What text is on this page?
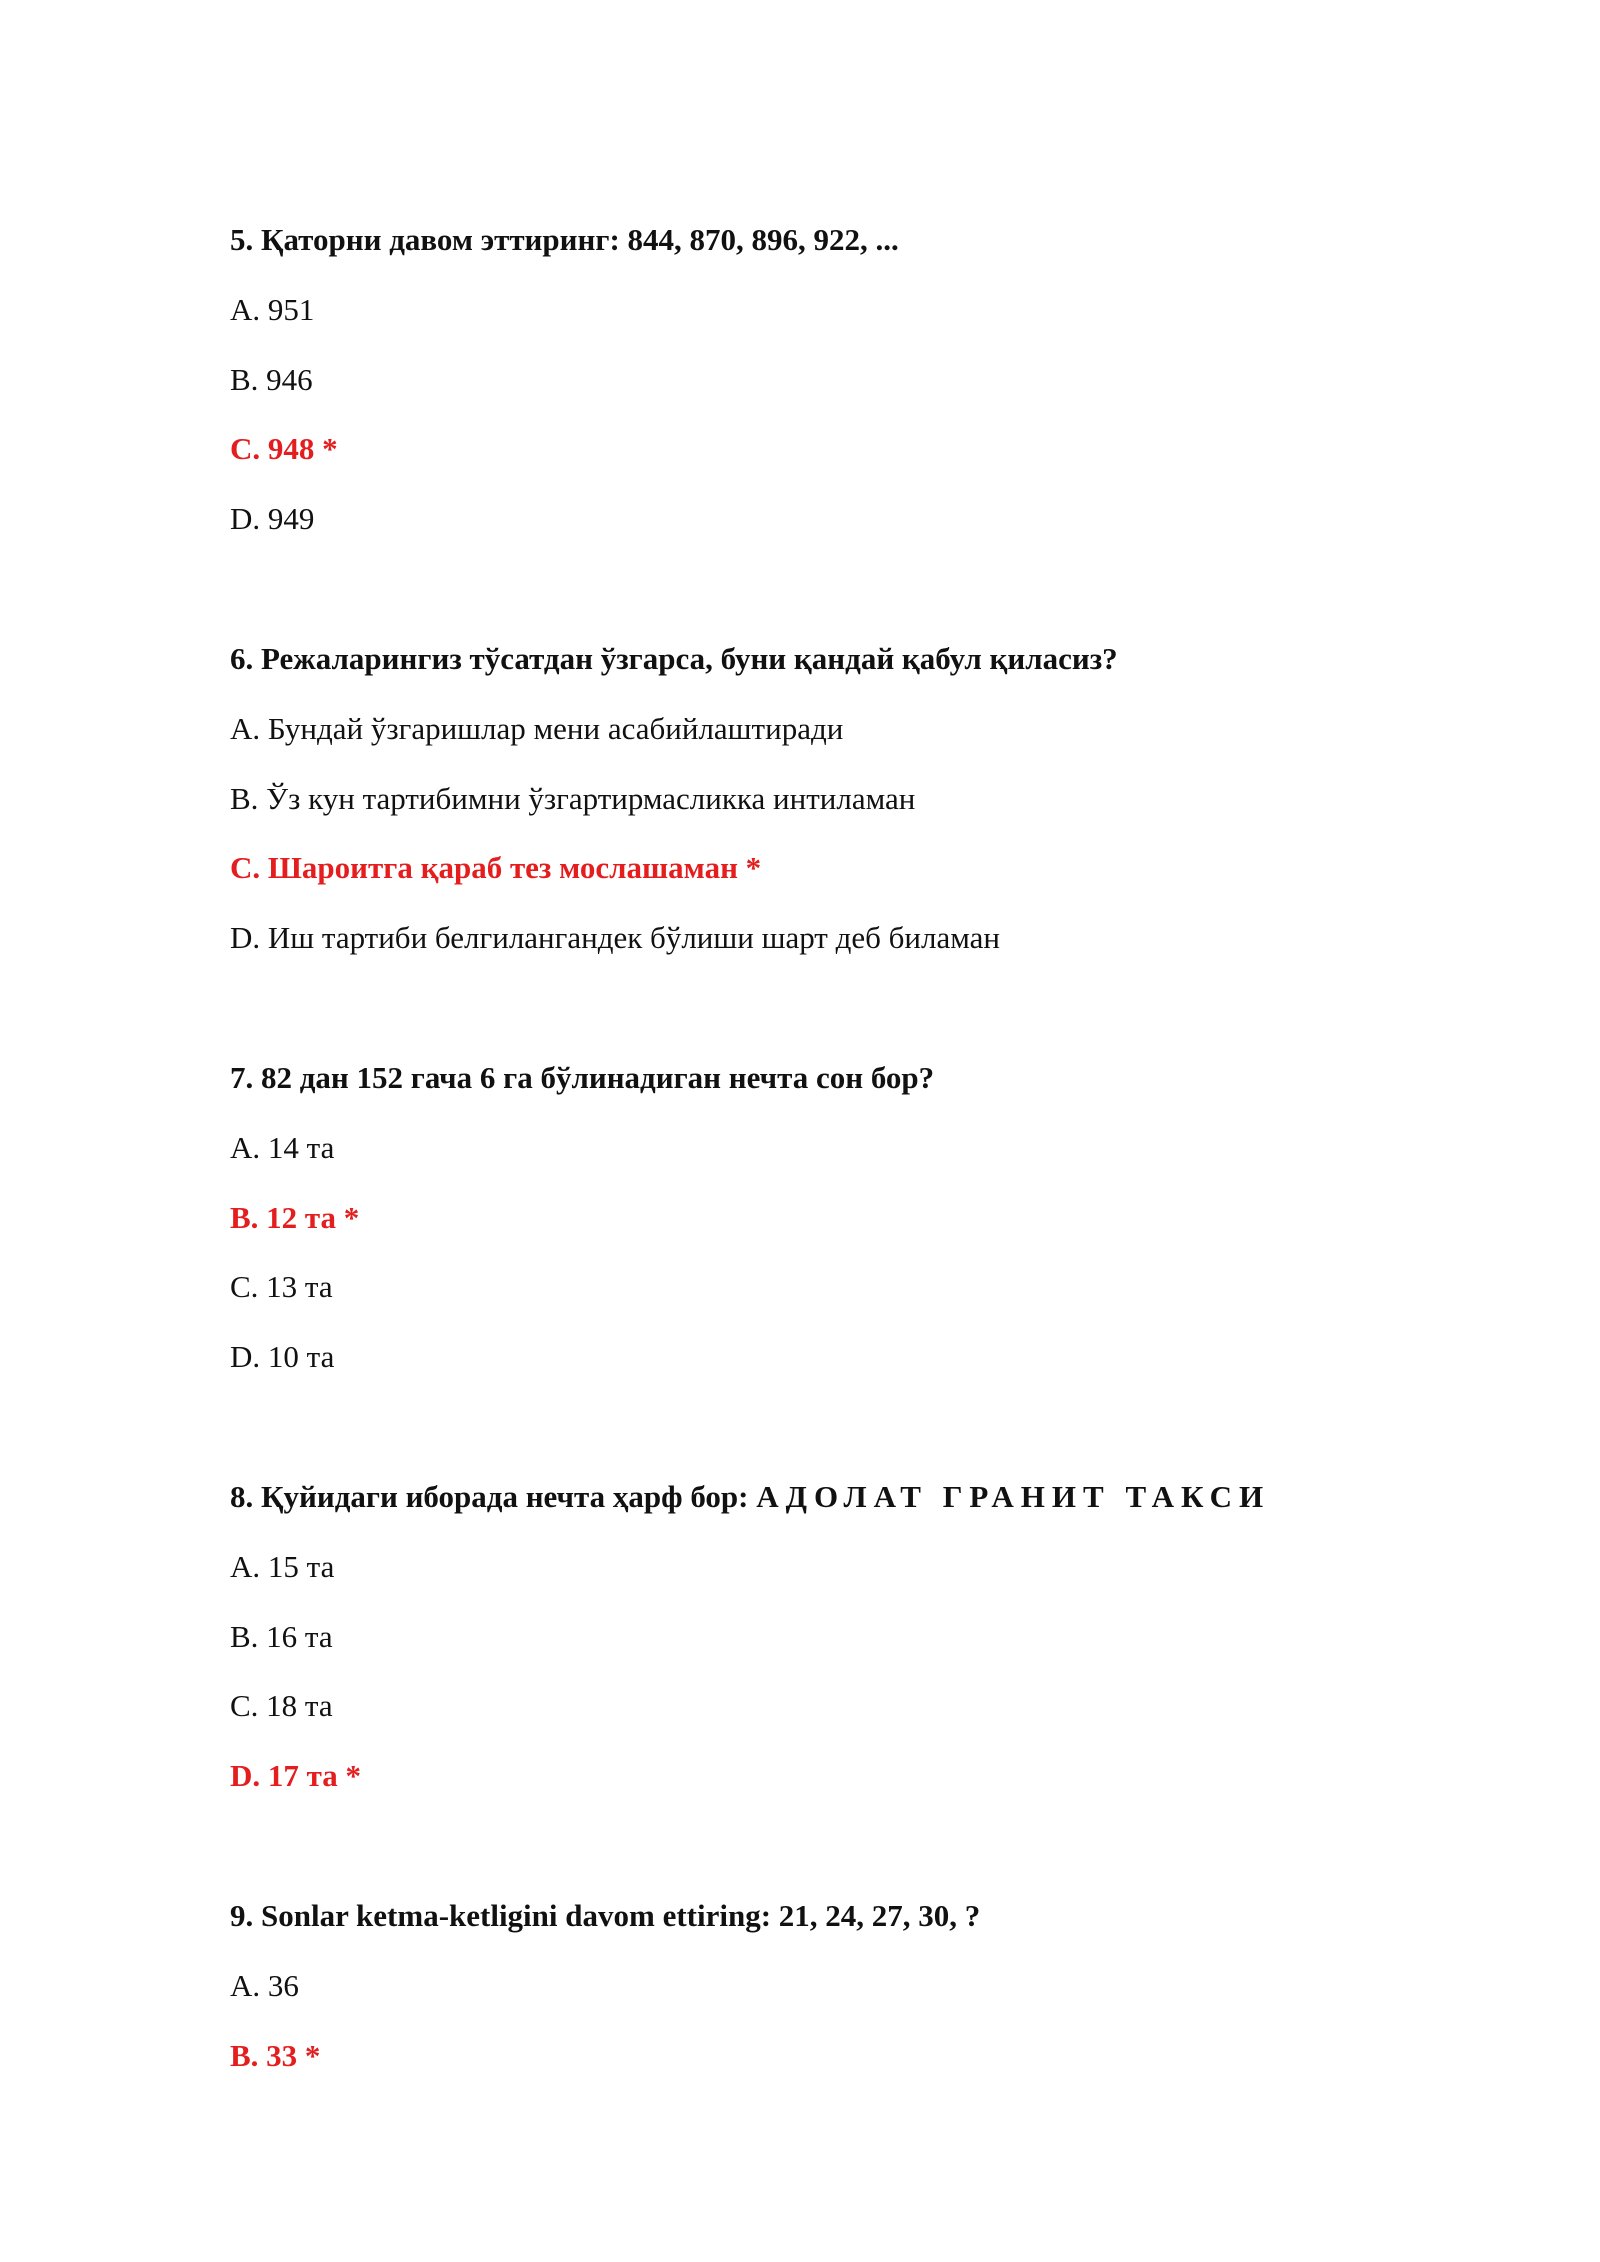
5. Қаторни давом эттиринг: 844, 870, 896, 922, ...
A. 951
B. 946
C. 948 *
D. 949
6. Режаларингиз тўсатдан ўзгарса, буни қандай қабул қиласиз?
A. Бундай ўзгаришлар мени асабийлаштиради
B. Ўз кун тартибимни ўзгартирмасликка интиламан
C. Шароитга қараб тез мослашаман *
D. Иш тартиби белгилангандек бўлиши шарт деб биламан
7. 82 дан 152 гача 6 га бўлинадиган нечта сон бор?
A. 14 та
B. 12 та *
C. 13 та
D. 10 та
8. Қуйидаги иборада нечта ҳарф бор: АДОЛАТ ГРАНИТ ТАКСИ
A. 15 та
B. 16 та
C. 18 та
D. 17 та *
9. Sonlar ketma-ketligini davom ettiring: 21, 24, 27, 30, ?
A. 36
B. 33 *
